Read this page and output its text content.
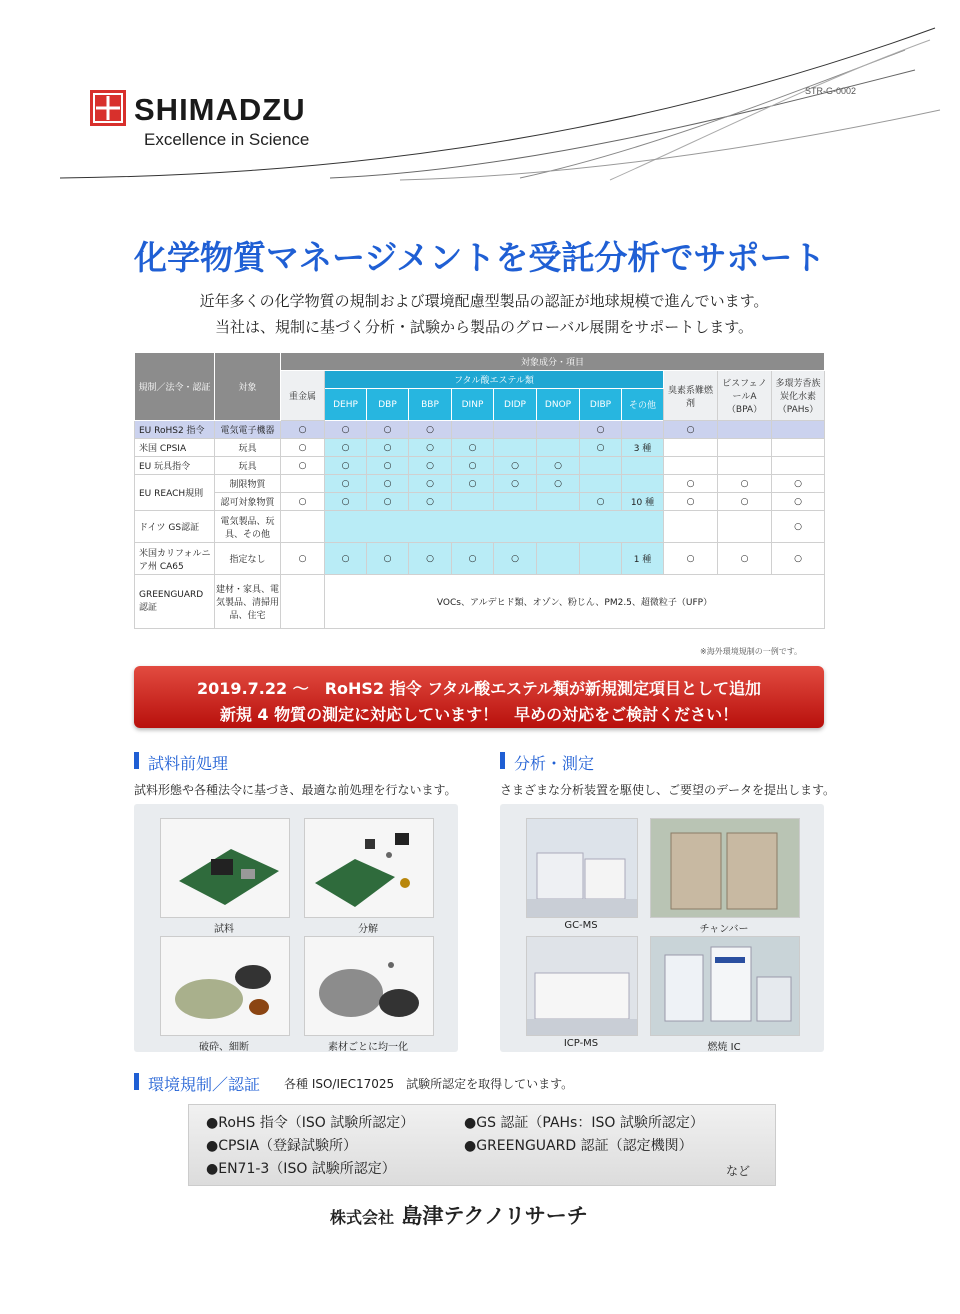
SHIMADZU
Excellence in Science
STR-G-0002
化学物質マネージメントを受託分析でサポート
近年多くの化学物質の規制および環境配慮型製品の認証が地球規模で進んでいます。
当社は、規制に基づく分析・試験から製品のグローバル展開をサポートします。
規制／法令・認証	対象	対象成分・項目											
		重金属	フタル酸エステル類								臭素系難燃剤	ビスフェノールA（BPA）	多環芳香族炭化水素（PAHs）
			DEHP	DBP	BBP	DINP	DIDP	DNOP	DIBP	その他			
EU RoHS2 指令	電気電子機器	○	○	○	○				○		○		
米国 CPSIA	玩具	○	○	○	○	○			○	3 種			
EU 玩具指令	玩具	○	○	○	○	○	○	○					
EU REACH規則	制限物質		○	○	○	○	○	○			○	○	○
	認可対象物質	○	○	○	○				○	10 種	○	○	○
ドイツ GS認証	電気製品、玩具、その他												○
米国カリフォルニア州 CA65	指定なし	○	○	○	○	○	○			1 種	○	○	○
GREENGUARD 認証	建材・家具、電気製品、清掃用品、住宅		VOCs、アルデヒド類、オゾン、粉じん、PM2.5、超微粒子（UFP）										
※海外環境規制の一例です。
2019.7.22 ～　RoHS2 指令 フタル酸エステル類が新規測定項目として追加
新規 4 物質の測定に対応しています！　早めの対応をご検討ください！
試料前処理
試料形態や各種法令に基づき、最適な前処理を行ないます。
試料	分解
破砕、細断	素材ごとに均一化
分析・測定
さまざまな分析装置を駆使し、ご要望のデータを提出します。
GC-MS	チャンバー
ICP-MS	燃焼 IC
環境規制／認証 各種 ISO/IEC17025　試験所認定を取得しています。
●RoHS 指令（ISO 試験所認定）	●GS 認証（PAHs：ISO 試験所認定）
●CPSIA（登録試験所）	●GREENGUARD 認証（認定機関）
●EN71-3（ISO 試験所認定）	など
株式会社 島津テクノリサーチ
